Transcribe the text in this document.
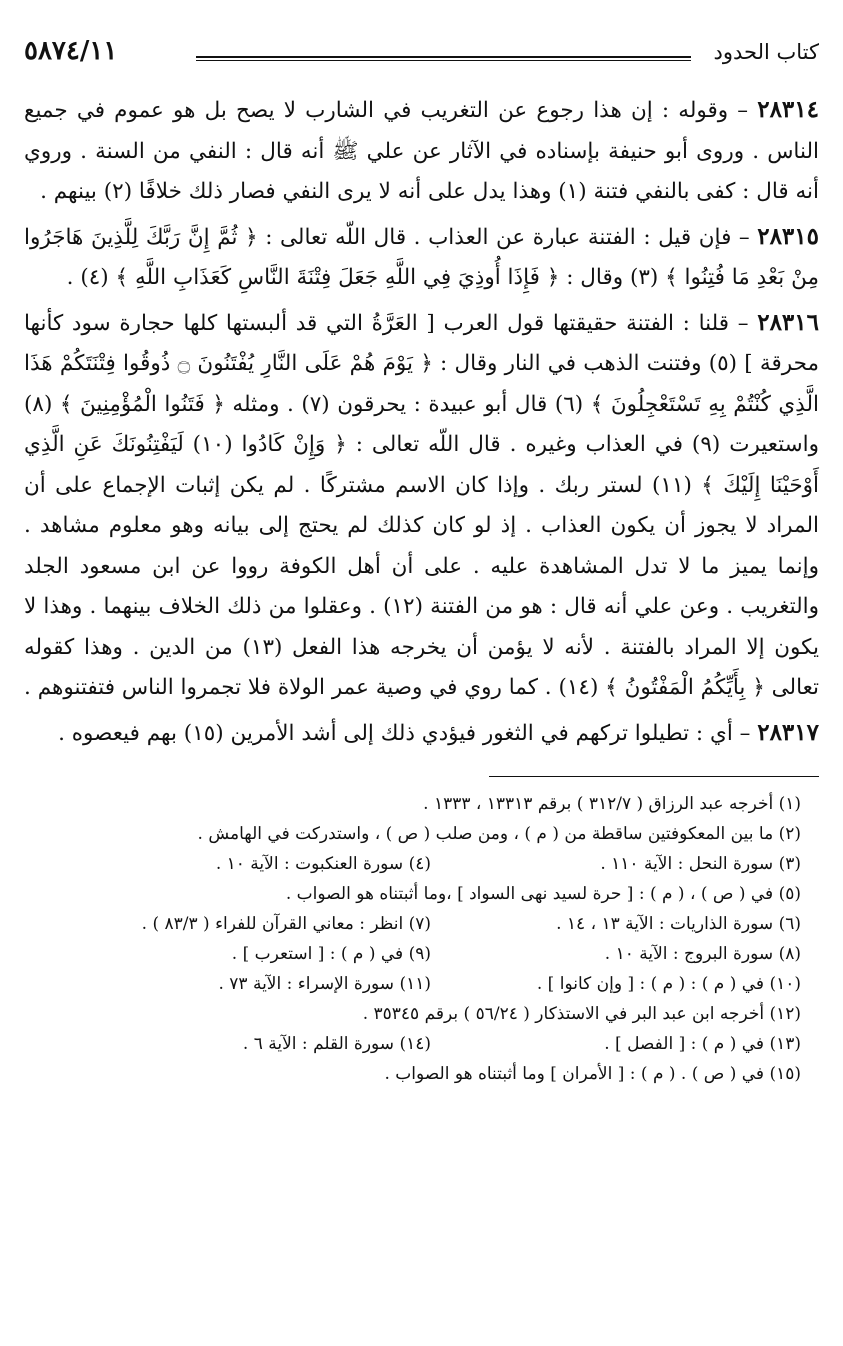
كتاب الحدود
٥٨٧٤/١١

٢٨٣١٤ – وقوله : إن هذا رجوع عن التغريب في الشارب لا يصح بل هو عموم في جميع الناس . وروى أبو حنيفة بإسناده في الآثار عن علي ﷺ أنه قال : النفي من السنة . وروي أنه قال : كفى بالنفي فتنة (١) وهذا يدل على أنه لا يرى النفي فصار ذلك خلافًا (٢) بينهم .

٢٨٣١٥ – فإن قيل : الفتنة عبارة عن العذاب . قال اللّه تعالى : ﴿ ثُمَّ إِنَّ رَبَّكَ لِلَّذِينَ هَاجَرُوا مِنْ بَعْدِ مَا فُتِنُوا ﴾ (٣) وقال : ﴿ فَإِذَا أُوذِيَ فِي اللَّهِ جَعَلَ فِتْنَةَ النَّاسِ كَعَذَابِ اللَّهِ ﴾ (٤) .

٢٨٣١٦ – قلنا : الفتنة حقيقتها قول العرب [ العَرَّةُ التي قد ألبستها كلها حجارة سود كأنها محرقة ] (٥) وفتنت الذهب في النار وقال : ﴿ يَوْمَ هُمْ عَلَى النَّارِ يُفْتَنُونَ ۝ ذُوقُوا فِتْنَتَكُمْ هَذَا الَّذِي كُنْتُمْ بِهِ تَسْتَعْجِلُونَ ﴾ (٦) قال أبو عبيدة : يحرقون (٧) . ومثله ﴿ فَتَنُوا الْمُؤْمِنِينَ ﴾ (٨) واستعيرت (٩) في العذاب وغيره . قال اللّه تعالى : ﴿ وَإِنْ كَادُوا (١٠) لَيَفْتِنُونَكَ عَنِ الَّذِي أَوْحَيْنَا إِلَيْكَ ﴾ (١١) لستر ربك . وإذا كان الاسم مشتركًا . لم يكن إثبات الإجماع على أن المراد لا يجوز أن يكون العذاب . إذ لو كان كذلك لم يحتج إلى بيانه وهو معلوم مشاهد . وإنما يميز ما لا تدل المشاهدة عليه . على أن أهل الكوفة رووا عن ابن مسعود الجلد والتغريب . وعن علي أنه قال : هو من الفتنة (١٢) . وعقلوا من ذلك الخلاف بينهما . وهذا لا يكون إلا المراد بالفتنة . لأنه لا يؤمن أن يخرجه هذا الفعل (١٣) من الدين . وهذا كقوله تعالى ﴿ بِأَيِّكُمُ الْمَفْتُونُ ﴾ (١٤) . كما روي في وصية عمر الولاة فلا تجمروا الناس فتفتنوهم .

٢٨٣١٧ – أي : تطيلوا تركهم في الثغور فيؤدي ذلك إلى أشد الأمرين (١٥) بهم فيعصوه .

(١) أخرجه عبد الرزاق ( ٣١٢/٧ ) برقم ١٣٣١٣ ، ١٣٣٣ .
(٢) ما بين المعكوفتين ساقطة من ( م ) ، ومن صلب ( ص ) ، واستدركت في الهامش .
(٣) سورة النحل : الآية ١١٠ .
(٤) سورة العنكبوت : الآية ١٠ .
(٥) في ( ص ) ، ( م ) : [ حرة لسيد نهى السواد ] ،وما أثبتناه هو الصواب .
(٦) سورة الذاريات : الآية ١٣ ، ١٤ .
(٧) انظر : معاني القرآن للفراء ( ٨٣/٣ ) .
(٨) سورة البروج : الآية ١٠ .
(٩) في ( م ) : [ استعرب ] .
(١٠) في ( م ) : ( م ) : [ وإن كانوا ] .
(١١) سورة الإسراء : الآية ٧٣ .
(١٢) أخرجه ابن عبد البر في الاستذكار ( ٥٦/٢٤ ) برقم ٣٥٣٤٥ .
(١٣) في ( م ) : [ الفصل ] .
(١٤) سورة القلم : الآية ٦ .
(١٥) في ( ص ) . ( م ) : [ الأمران ] وما أثبتناه هو الصواب .
